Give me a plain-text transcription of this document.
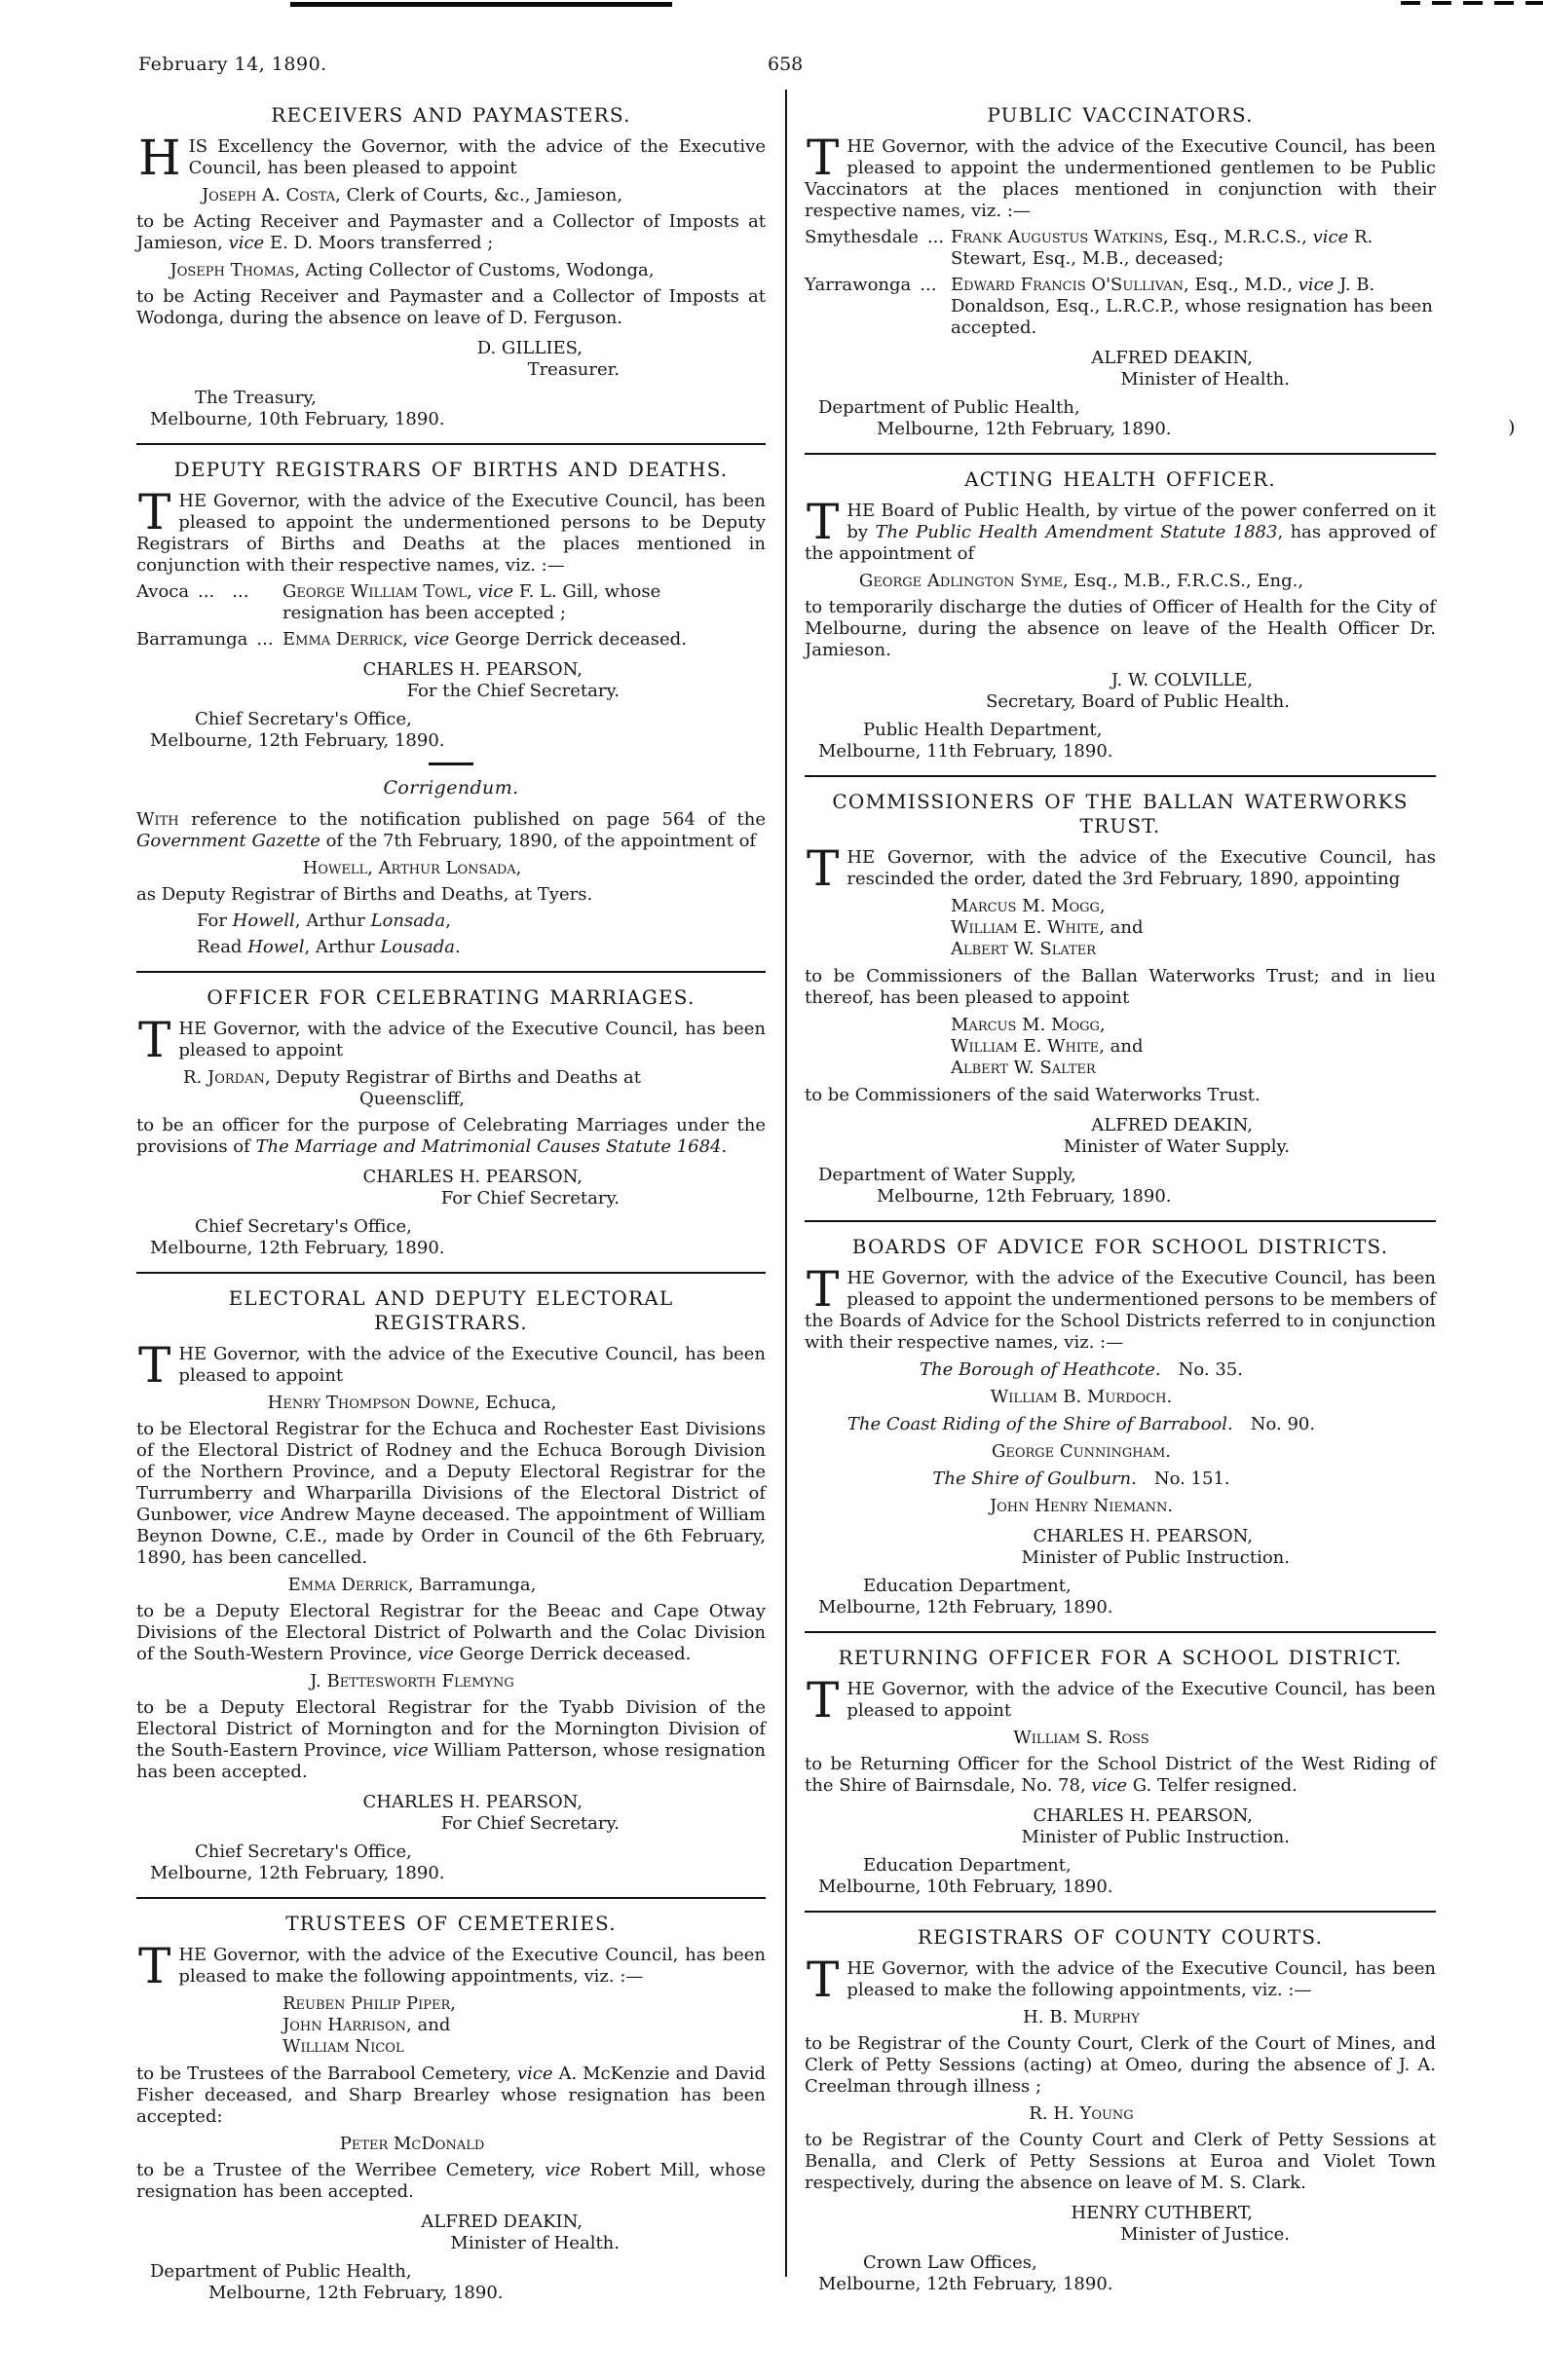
)
February 14, 1890.	658
RECEIVERS AND PAYMASTERS.

HIS Excellency the Governor, with the advice of the Executive Council, has been pleased to appoint

Joseph A. Costa, Clerk of Courts, &c., Jamieson,

to be Acting Receiver and Paymaster and a Collector of Imposts at Jamieson, vice E. D. Moors transferred ;

Joseph Thomas, Acting Collector of Customs, Wodonga,

to be Acting Receiver and Paymaster and a Collector of Imposts at Wodonga, during the absence on leave of D. Ferguson.

D. GILLIES,
Treasurer.
The Treasury,
Melbourne, 10th February, 1890.
DEPUTY REGISTRARS OF BIRTHS AND DEATHS.

THE Governor, with the advice of the Executive Council, has been pleased to appoint the undermentioned persons to be Deputy Registrars of Births and Deaths at the places mentioned in conjunction with their respective names, viz. :—

Avoca ... ...	George William Towl, vice F. L. Gill, whose resignation has been accepted ;
Barramunga ... Emma Derrick, vice George Derrick deceased.
CHARLES H. PEARSON,
For the Chief Secretary.
Chief Secretary's Office,
Melbourne, 12th February, 1890.
Corrigendum.

With reference to the notification published on page 564 of the Government Gazette of the 7th February, 1890, of the appointment of

Howell, Arthur Lonsada,

as Deputy Registrar of Births and Deaths, at Tyers.

For Howell, Arthur Lonsada,

Read Howel, Arthur Lousada.

OFFICER FOR CELEBRATING MARRIAGES.

THE Governor, with the advice of the Executive Council, has been pleased to appoint

R. Jordan, Deputy Registrar of Births and Deaths at Queenscliff,

to be an officer for the purpose of Celebrating Marriages under the provisions of The Marriage and Matrimonial Causes Statute 1684.

CHARLES H. PEARSON,
For Chief Secretary.
Chief Secretary's Office,
Melbourne, 12th February, 1890.
ELECTORAL AND DEPUTY ELECTORAL
REGISTRARS.

THE Governor, with the advice of the Executive Council, has been pleased to appoint

Henry Thompson Downe, Echuca,

to be Electoral Registrar for the Echuca and Rochester East Divisions of the Electoral District of Rodney and the Echuca Borough Division of the Northern Province, and a Deputy Electoral Registrar for the Turrumberry and Wharparilla Divisions of the Electoral District of Gunbower, vice Andrew Mayne deceased. The appointment of William Beynon Downe, C.E., made by Order in Council of the 6th February, 1890, has been cancelled.

Emma Derrick, Barramunga,

to be a Deputy Electoral Registrar for the Beeac and Cape Otway Divisions of the Electoral District of Polwarth and the Colac Division of the South-Western Province, vice George Derrick deceased.

J. Bettesworth Flemyng

to be a Deputy Electoral Registrar for the Tyabb Division of the Electoral District of Mornington and for the Mornington Division of the South-Eastern Province, vice William Patterson, whose resignation has been accepted.

CHARLES H. PEARSON,
For Chief Secretary.
Chief Secretary's Office,
Melbourne, 12th February, 1890.
TRUSTEES OF CEMETERIES.

THE Governor, with the advice of the Executive Council, has been pleased to make the following appointments, viz. :—

Reuben Philip Piper,
John Harrison, and
William Nicol

to be Trustees of the Barrabool Cemetery, vice A. McKenzie and David Fisher deceased, and Sharp Brearley whose resignation has been accepted:

Peter McDonald

to be a Trustee of the Werribee Cemetery, vice Robert Mill, whose resignation has been accepted.

ALFRED DEAKIN,
Minister of Health.
Department of Public Health,
Melbourne, 12th February, 1890.
PUBLIC VACCINATORS.

THE Governor, with the advice of the Executive Council, has been pleased to appoint the undermentioned gentlemen to be Public Vaccinators at the places mentioned in conjunction with their respective names, viz. :—

Smythesdale ... Frank Augustus Watkins, Esq., M.R.C.S., vice R. Stewart, Esq., M.B., deceased;
Yarrawonga ... Edward Francis O'Sullivan, Esq., M.D., vice J. B. Donaldson, Esq., L.R.C.P., whose resignation has been accepted.
ALFRED DEAKIN,
Minister of Health.
Department of Public Health,
Melbourne, 12th February, 1890.
ACTING HEALTH OFFICER.

THE Board of Public Health, by virtue of the power conferred on it by The Public Health Amendment Statute 1883, has approved of the appointment of

George Adlington Syme, Esq., M.B., F.R.C.S., Eng.,

to temporarily discharge the duties of Officer of Health for the City of Melbourne, during the absence on leave of the Health Officer Dr. Jamieson.

J. W. COLVILLE,
Secretary, Board of Public Health.
Public Health Department,
Melbourne, 11th February, 1890.
COMMISSIONERS OF THE BALLAN WATERWORKS
TRUST.

THE Governor, with the advice of the Executive Council, has rescinded the order, dated the 3rd February, 1890, appointing

Marcus M. Mogg,
William E. White, and
Albert W. Slater

to be Commissioners of the Ballan Waterworks Trust; and in lieu thereof, has been pleased to appoint

Marcus M. Mogg,
William E. White, and
Albert W. Salter

to be Commissioners of the said Waterworks Trust.

ALFRED DEAKIN,
Minister of Water Supply.
Department of Water Supply,
Melbourne, 12th February, 1890.
BOARDS OF ADVICE FOR SCHOOL DISTRICTS.

THE Governor, with the advice of the Executive Council, has been pleased to appoint the undermentioned persons to be members of the Boards of Advice for the School Districts referred to in conjunction with their respective names, viz. :—

The Borough of Heathcote. No. 35.

William B. Murdoch.

The Coast Riding of the Shire of Barrabool. No. 90.

George Cunningham.

The Shire of Goulburn. No. 151.

John Henry Niemann.

CHARLES H. PEARSON,
Minister of Public Instruction.
Education Department,
Melbourne, 12th February, 1890.
RETURNING OFFICER FOR A SCHOOL DISTRICT.

THE Governor, with the advice of the Executive Council, has been pleased to appoint

William S. Ross

to be Returning Officer for the School District of the West Riding of the Shire of Bairnsdale, No. 78, vice G. Telfer resigned.

CHARLES H. PEARSON,
Minister of Public Instruction.
Education Department,
Melbourne, 10th February, 1890.
REGISTRARS OF COUNTY COURTS.

THE Governor, with the advice of the Executive Council, has been pleased to make the following appointments, viz. :—

H. B. Murphy

to be Registrar of the County Court, Clerk of the Court of Mines, and Clerk of Petty Sessions (acting) at Omeo, during the absence of J. A. Creelman through illness ;

R. H. Young

to be Registrar of the County Court and Clerk of Petty Sessions at Benalla, and Clerk of Petty Sessions at Euroa and Violet Town respectively, during the absence on leave of M. S. Clark.

HENRY CUTHBERT,
Minister of Justice.
Crown Law Offices,
Melbourne, 12th February, 1890.
